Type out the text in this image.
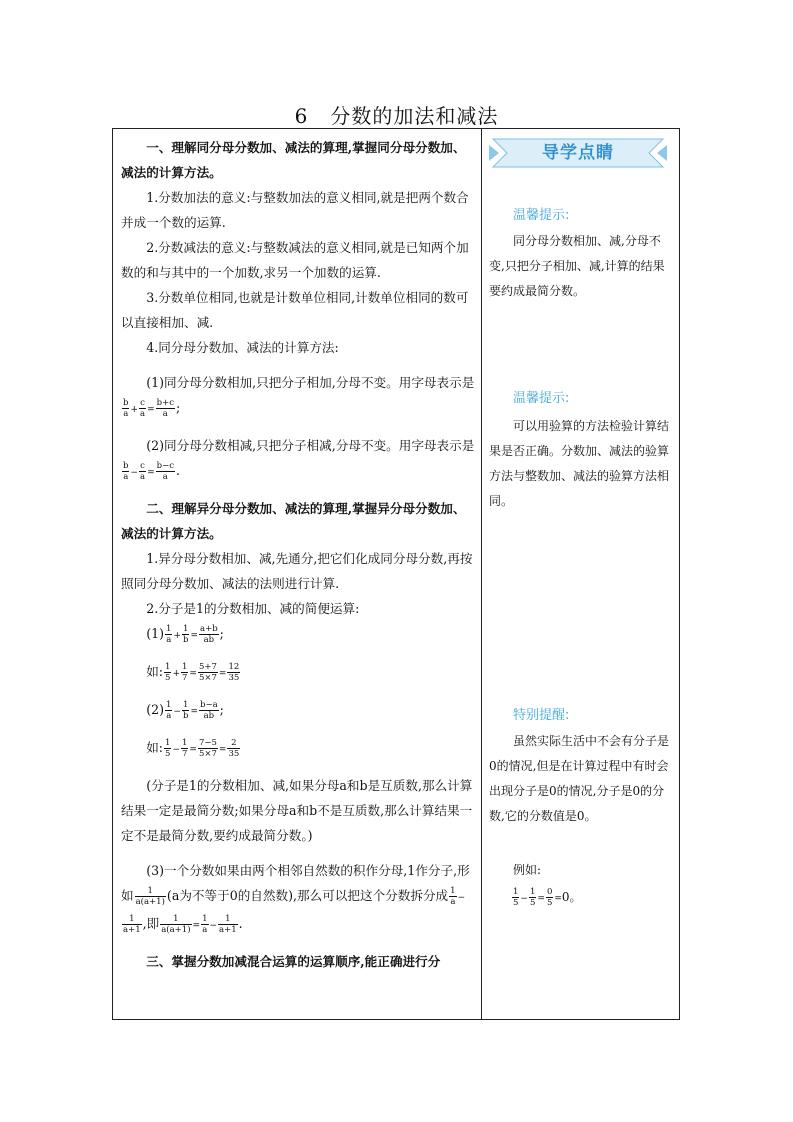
6 分数的加法和减法

一、理解同分母分数加、减法的算理,掌握同分母分数加、减法的计算方法。

1.分数加法的意义:与整数加法的意义相同,就是把两个数合并成一个数的运算.

2.分数减法的意义:与整数减法的意义相同,就是已知两个加数的和与其中的一个加数,求另一个加数的运算.

3.分数单位相同,也就是计数单位相同,计数单位相同的数可以直接相加、减.

4.同分母分数加、减法的计算方法:

(1)同分母分数相加,只把分子相加,分母不变。用字母表示是
$\frac{b}{a} + \frac{c}{a} = \frac{b+c}{a}$ ;

(2)同分母分数相减,只把分子相减,分母不变。用字母表示是
$\frac{b}{a} - \frac{c}{a} = \frac{b-c}{a}$ .

二、理解异分母分数加、减法的算理,掌握异分母分数加、减法的计算方法。

1.异分母分数相加、减,先通分,把它们化成同分母分数,再按照同分母分数加、减法的法则进行计算.

2.分子是1的分数相加、减的简便运算:

$(1) \frac{1}{a} + \frac{1}{b} = \frac{a+b}{ab}$ ;

如: $\frac{1}{5} + \frac{1}{7} = \frac{5+7}{5\times 7} = \frac{12}{35}$

$(2) \frac{1}{a} - \frac{1}{b} = \frac{b-a}{ab}$ ;

如: $\frac{1}{5} - \frac{1}{7} = \frac{7-5}{5\times 7} = \frac{2}{35}$

(分子是1的分数相加、减,如果分母a和b是互质数,那么计算结果一定是最简分数;如果分母a和b不是互质数,那么计算结果一定不是最简分数,要约成最简分数。)

(3)一个分数如果由两个相邻自然数的积作分母,1作分子,形如 $\frac{1}{a(a+1)} (a$为不等于0的自然数),那么可以把这个分数拆分成 $\frac{1}{a}$ −
$\frac{1}{a+1}$ ,即 $\frac{1}{a(a+1)} = \frac{1}{a} - \frac{1}{a+1}$ .

三、掌握分数加减混合运算的运算顺序,能正确进行分

导学点睛

温馨提示:

同分母分数相加、减,分母不变,只把分子相加、减,计算的结果要约成最简分数。

温馨提示:

可以用验算的方法检验计算结果是否正确。分数加、减法的验算方法与整数加、减法的验算方法相同。

特别提醒:

虽然实际生活中不会有分子是0的情况,但是在计算过程中有时会出现分子是0的情况,分子是0的分数,它的分数值是0。

例如:

$\frac{1}{5} - \frac{1}{5} = \frac{0}{5} =0$。
